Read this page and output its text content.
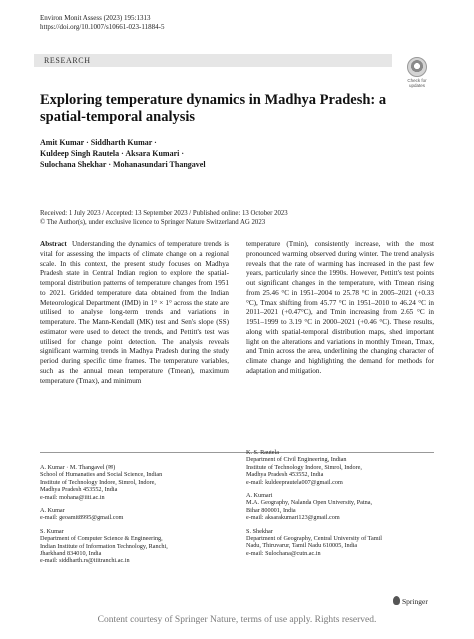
Environ Monit Assess (2023) 195:1313
https://doi.org/10.1007/s10661-023-11884-5
RESEARCH
Check for updates
Exploring temperature dynamics in Madhya Pradesh: a spatial-temporal analysis
Amit Kumar · Siddharth Kumar ·
Kuldeep Singh Rautela · Aksara Kumari ·
Sulochana Shekhar · Mohanasundari Thangavel
Received: 1 July 2023 / Accepted: 13 September 2023 / Published online: 13 October 2023
© The Author(s), under exclusive licence to Springer Nature Switzerland AG 2023
Abstract Understanding the dynamics of temperature trends is vital for assessing the impacts of climate change on a regional scale. In this context, the present study focuses on Madhya Pradesh state in Central Indian region to explore the spatial-temporal distribution patterns of temperature changes from 1951 to 2021. Gridded temperature data obtained from the Indian Meteorological Department (IMD) in 1° × 1° across the state are utilised to analyse long-term trends and variations in temperature. The Mann-Kendall (MK) test and Sen's slope (SS) estimator were used to detect the trends, and Pettitt's test was utilised for change point detection. The analysis reveals significant warming trends in Madhya Pradesh during the study period during specific time frames. The temperature variables, such as the annual mean temperature (Tmean), maximum temperature (Tmax), and minimum
temperature (Tmin), consistently increase, with the most pronounced warming observed during winter. The trend analysis reveals that the rate of warming has increased in the past few years, particularly since the 1990s. However, Pettitt's test points out significant changes in the temperature, with Tmean rising from 25.46 °C in 1951–2004 to 25.78 °C in 2005–2021 (+0.33 °C), Tmax shifting from 45.77 °C in 1951–2010 to 46.24 °C in 2011–2021 (+0.47°C), and Tmin increasing from 2.65 °C in 1951–1999 to 3.19 °C in 2000–2021 (+0.46 °C). These results, along with spatial-temporal distribution maps, shed important light on the alterations and variations in monthly Tmean, Tmax, and Tmin across the area, underlining the changing character of climate change and highlighting the demand for methods for adaptation and mitigation.
A. Kumar · M. Thangavel (✉)
School of Humanaties and Social Science, Indian
Institute of Technology Indore, Simrol, Indore,
Madhya Pradesh 453552, India
e-mail: mohana@iiti.ac.in
A. Kumar
e-mail: geoamit8995@gmail.com
S. Kumar
Department of Computer Science & Engineering,
Indian Institute of Information Technology, Ranchi,
Jharkhand 834010, India
e-mail: siddharth.rs@iiitranchi.ac.in
K. S. Rautela
Department of Civil Engineering, Indian
Institute of Technology Indore, Simrol, Indore,
Madhya Pradesh 453552, India
e-mail: kuldeeprautela007@gmail.com
A. Kumari
M.A. Geography, Nalanda Open University, Patna,
Bihar 800001, India
e-mail: aksarakumari123@gmail.com
S. Shekhar
Department of Geography, Central University of Tamil
Nadu, Thiruvarur, Tamil Nadu 610005, India
e-mail: Sulochana@cutn.ac.in
Springer
Content courtesy of Springer Nature, terms of use apply. Rights reserved.
